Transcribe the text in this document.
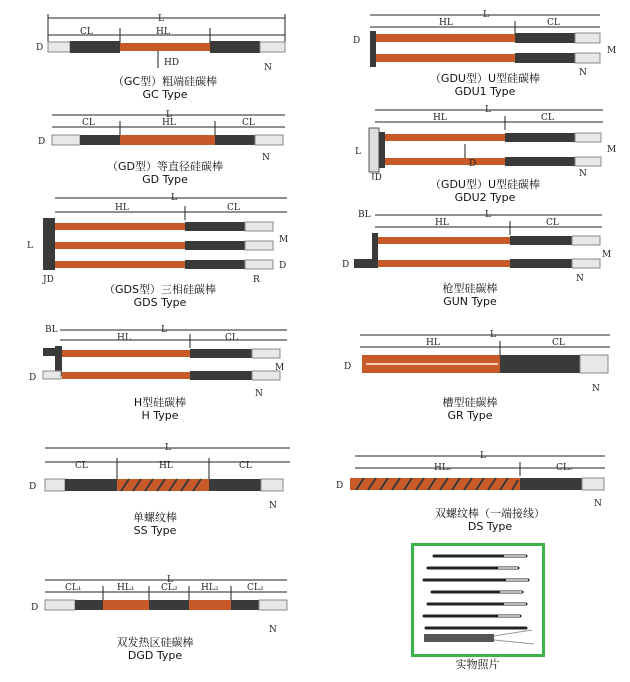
L
CL	HL
D
HD	N
（GC型）粗端硅碳棒
GC Type
L
HL	CL
D
M
N
（GDU型）U型硅碳棒
GDU1 Type
L
CL	HL	CL
D
N
（GD型）等直径硅碳棒
GD Type
L
HL	CL
L
JD
D
M
N
（GDU型）U型硅碳棒
GDU2 Type
L
HL	CL
L
JD
M
D
R
（GDS型）三相硅碳棒
GDS Type
BL	L
HL	CL
D
M
N
枪型硅碳棒
GUN Type
BL	L
HL	CL
D
M
N
H型硅碳棒
H Type
L
HL	CL
D
N
槽型硅碳棒
GR Type
L
CL	HL	CL
D
N
单螺纹棒
SS Type
L
HLₒ	CLₒ
D
N
双螺纹棒（一端接线）
DS Type
L
CL₁	HL₁	CL₂	HL₂	CL₂
D
N
双发热区硅碳棒
DGD Type
实物照片
